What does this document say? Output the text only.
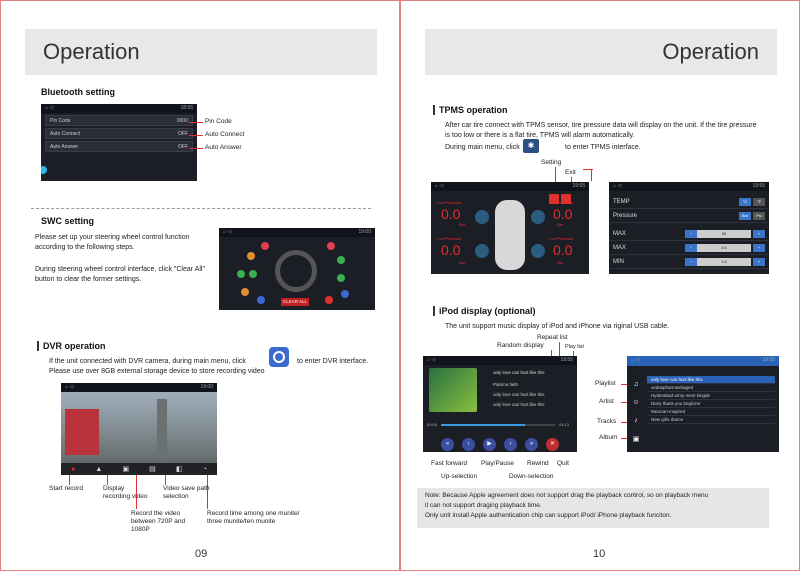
Operation
Bluetooth setting
⌂ ◁	18:55
Pin Code	0000
Auto Connect	OFF
Auto Answer	OFF
Pin Code
Auto Connect
Auto Answer
SWC setting
Please set up your steering wheel control function according to the following steps.
During steering wheel control interface, click "Clear All" button to clear the former settings.
⌂ ◁	19:00
CLEAR ALL
DVR operation
If the unit connected with DVR camera, during main menu, click	to enter DVR interface.
Please use over 8GB external storage device to store recording video
⌂ ◁	19:00
●	▲	▣	▤	◧	◔
Start record	Display recording video
Video save path selection
Record the video between 720P and 1080P
Record time among one munite/ three munite/ten munite
09
Operation
TPMS operation
After car tire connect with TPMS sensor, tire pressure data will display on the unit. If the tire pressure is too low or there is a flat tire, TPMS will alarm automatically.
During main menu, click ✱	to enter TPMS interface.
Setting
Exit
⌂ ◁	19:55
Low Pressure
0.0
Bar
Low Pressure
0.0
Bar
Low Pressure
0.0
Bar
Low Pressure
0.0
Bar
⌂ ◁	19:55
TEMP	°C °F
Pressure	Bar Psi
MAX	−	60	+
MAX	−	3.6	+
MIN	−	1.6	+
iPod display (optional)
The unit support music display of iPod and iPhone via riginal USB cable.
Repeat list
Random display	Play list
⌂ ◁	19:55
only love can hurt like this
Paloma faith
only love can hurt like this
only love can hurt like this
00:00	04:13
«	‹	▶	›	»	✕
Fast forward Play/Pause Rewind Quit
Up-selection	Down-selection
Playlist
Artist
Tracks
Album
⌂ ◁	19:55
♫
☺
♪
▣
only love can hurt like this
vedaspharmashaged
Hyderabad army ment kingde
Diary thank you beginzer
Mexican-inspired
New girls dance
Note: Because Apple agreement does not support drag the playback control, so on playback menu
it can not support draging playback time.
Only unit install Apple authentication chip can support iPod/ iPhone playback funciton.
10
